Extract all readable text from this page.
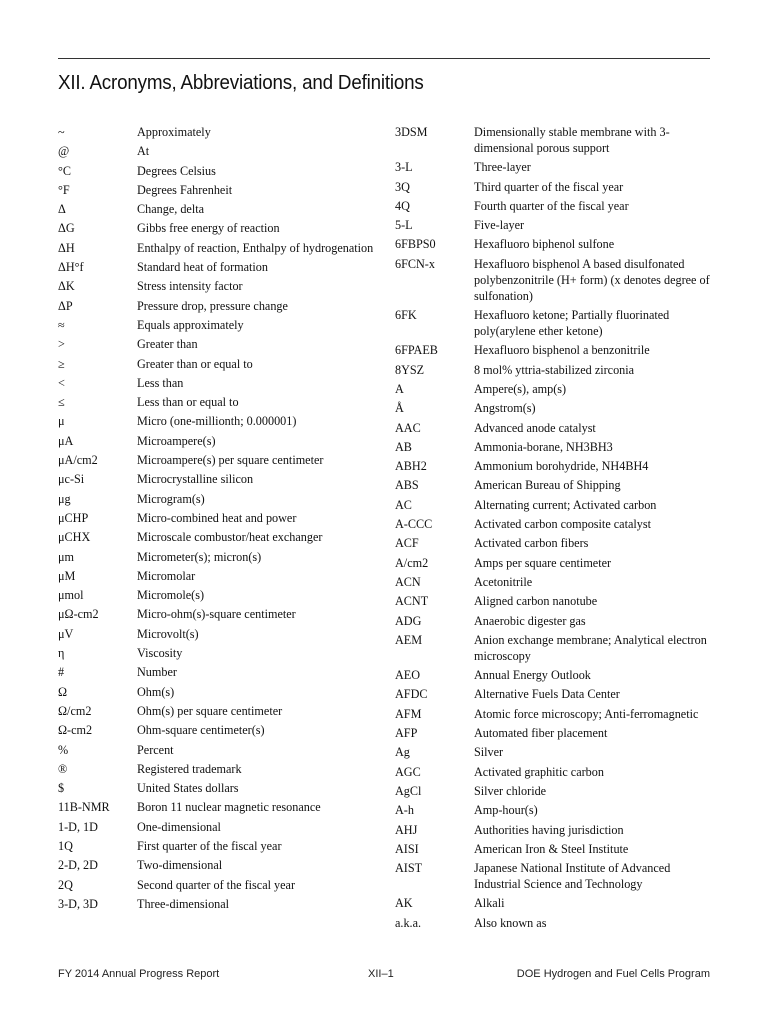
XII. Acronyms, Abbreviations, and Definitions
~	Approximately
@	At
°C	Degrees Celsius
°F	Degrees Fahrenheit
Δ	Change, delta
ΔG	Gibbs free energy of reaction
ΔH	Enthalpy of reaction, Enthalpy of hydrogenation
ΔH°f	Standard heat of formation
ΔK	Stress intensity factor
ΔP	Pressure drop, pressure change
≈	Equals approximately
>	Greater than
≥	Greater than or equal to
<	Less than
≤	Less than or equal to
μ	Micro (one-millionth; 0.000001)
μA	Microampere(s)
μA/cm2	Microampere(s) per square centimeter
μc-Si	Microcrystalline silicon
μg	Microgram(s)
μCHP	Micro-combined heat and power
μCHX	Microscale combustor/heat exchanger
μm	Micrometer(s); micron(s)
μM	Micromolar
μmol	Micromole(s)
μΩ-cm2	Micro-ohm(s)-square centimeter
μV	Microvolt(s)
η	Viscosity
#	Number
Ω	Ohm(s)
Ω/cm2	Ohm(s) per square centimeter
Ω-cm2	Ohm-square centimeter(s)
%	Percent
®	Registered trademark
$	United States dollars
11B-NMR	Boron 11 nuclear magnetic resonance
1-D, 1D	One-dimensional
1Q	First quarter of the fiscal year
2-D, 2D	Two-dimensional
2Q	Second quarter of the fiscal year
3-D, 3D	Three-dimensional
3DSM	Dimensionally stable membrane with 3-dimensional porous support
3-L	Three-layer
3Q	Third quarter of the fiscal year
4Q	Fourth quarter of the fiscal year
5-L	Five-layer
6FBPS0	Hexafluoro biphenol sulfone
6FCN-x	Hexafluoro bisphenol A based disulfonated polybenzonitrile (H+ form) (x denotes degree of sulfonation)
6FK	Hexafluoro ketone; Partially fluorinated poly(arylene ether ketone)
6FPAEB	Hexafluoro bisphenol a benzonitrile
8YSZ	8 mol% yttria-stabilized zirconia
A	Ampere(s), amp(s)
Å	Angstrom(s)
AAC	Advanced anode catalyst
AB	Ammonia-borane, NH3BH3
ABH2	Ammonium borohydride, NH4BH4
ABS	American Bureau of Shipping
AC	Alternating current; Activated carbon
A-CCC	Activated carbon composite catalyst
ACF	Activated carbon fibers
A/cm2	Amps per square centimeter
ACN	Acetonitrile
ACNT	Aligned carbon nanotube
ADG	Anaerobic digester gas
AEM	Anion exchange membrane; Analytical electron microscopy
AEO	Annual Energy Outlook
AFDC	Alternative Fuels Data Center
AFM	Atomic force microscopy; Anti-ferromagnetic
AFP	Automated fiber placement
Ag	Silver
AGC	Activated graphitic carbon
AgCl	Silver chloride
A-h	Amp-hour(s)
AHJ	Authorities having jurisdiction
AISI	American Iron & Steel Institute
AIST	Japanese National Institute of Advanced Industrial Science and Technology
AK	Alkali
a.k.a.	Also known as
FY 2014 Annual Progress Report	XII–1	DOE Hydrogen and Fuel Cells Program
